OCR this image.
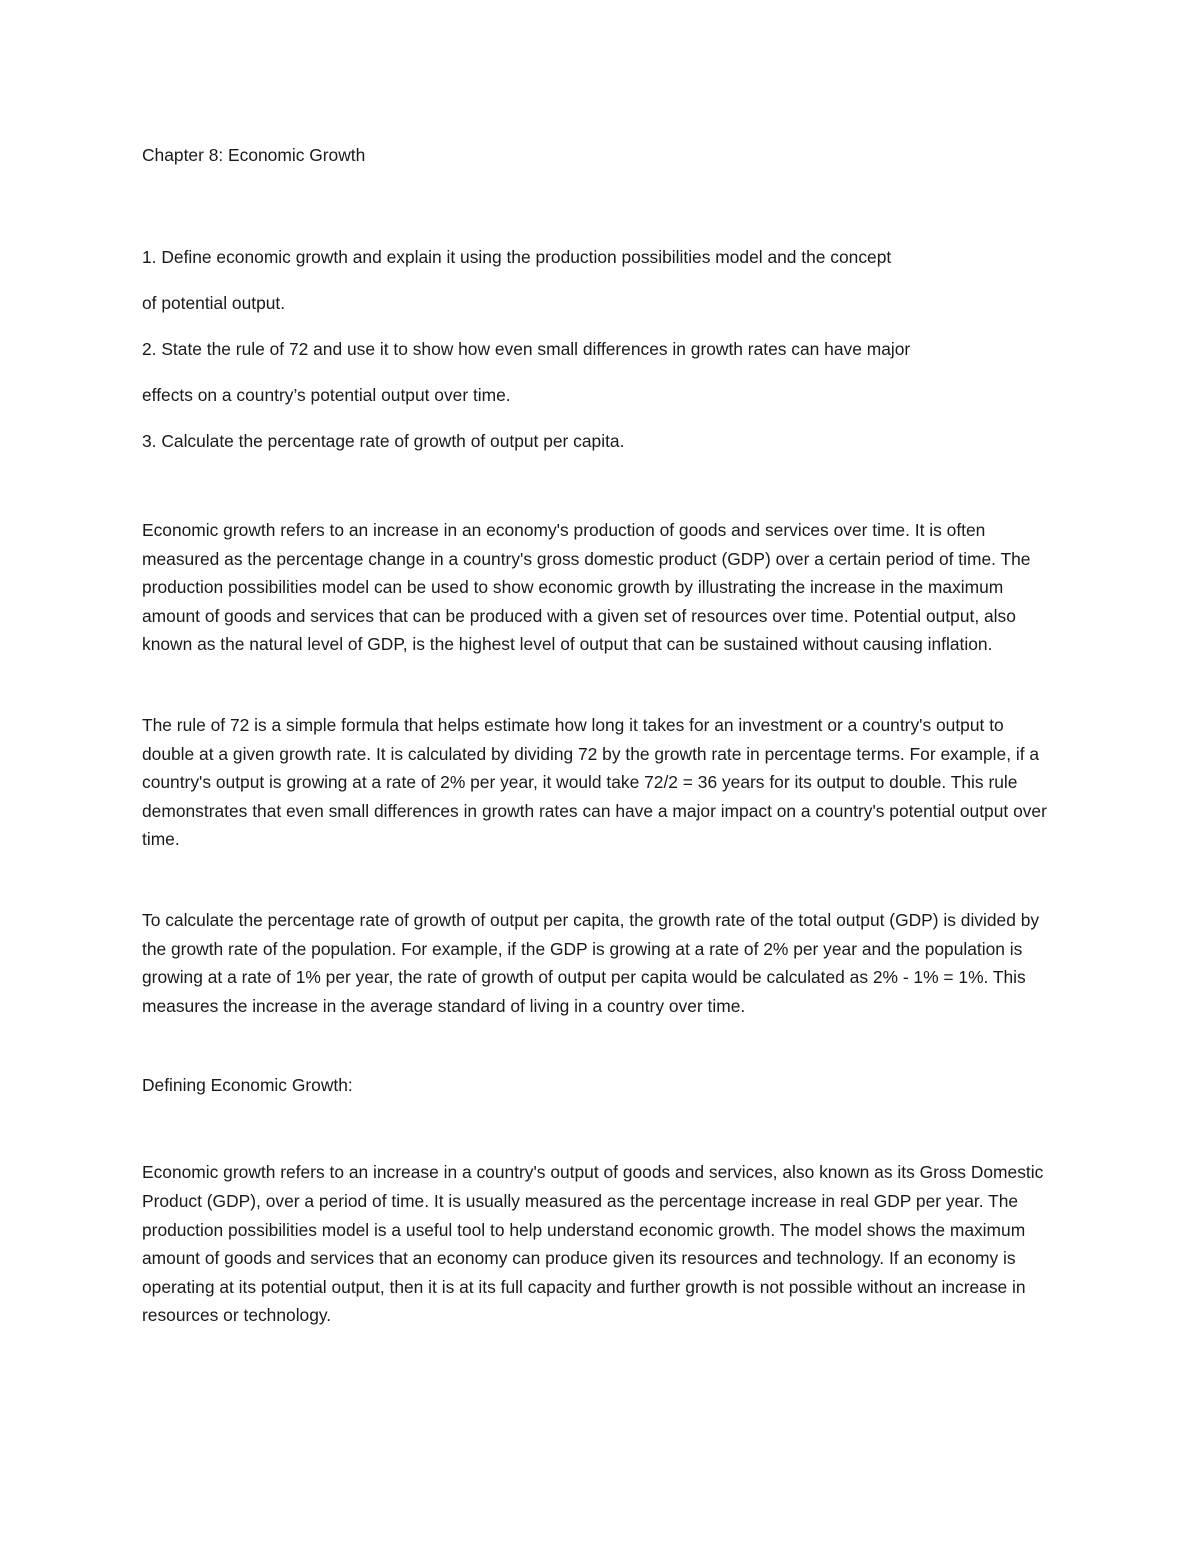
Chapter 8: Economic Growth

1. Define economic growth and explain it using the production possibilities model and the concept

of potential output.

2. State the rule of 72 and use it to show how even small differences in growth rates can have major

effects on a country’s potential output over time.

3. Calculate the percentage rate of growth of output per capita.

Economic growth refers to an increase in an economy's production of goods and services over time. It is often measured as the percentage change in a country's gross domestic product (GDP) over a certain period of time. The production possibilities model can be used to show economic growth by illustrating the increase in the maximum amount of goods and services that can be produced with a given set of resources over time. Potential output, also known as the natural level of GDP, is the highest level of output that can be sustained without causing inflation.

The rule of 72 is a simple formula that helps estimate how long it takes for an investment or a country's output to double at a given growth rate. It is calculated by dividing 72 by the growth rate in percentage terms. For example, if a country's output is growing at a rate of 2% per year, it would take 72/2 = 36 years for its output to double. This rule demonstrates that even small differences in growth rates can have a major impact on a country's potential output over time.

To calculate the percentage rate of growth of output per capita, the growth rate of the total output (GDP) is divided by the growth rate of the population. For example, if the GDP is growing at a rate of 2% per year and the population is growing at a rate of 1% per year, the rate of growth of output per capita would be calculated as 2% - 1% = 1%. This measures the increase in the average standard of living in a country over time.

Defining Economic Growth:

Economic growth refers to an increase in a country's output of goods and services, also known as its Gross Domestic Product (GDP), over a period of time. It is usually measured as the percentage increase in real GDP per year. The production possibilities model is a useful tool to help understand economic growth. The model shows the maximum amount of goods and services that an economy can produce given its resources and technology. If an economy is operating at its potential output, then it is at its full capacity and further growth is not possible without an increase in resources or technology.
